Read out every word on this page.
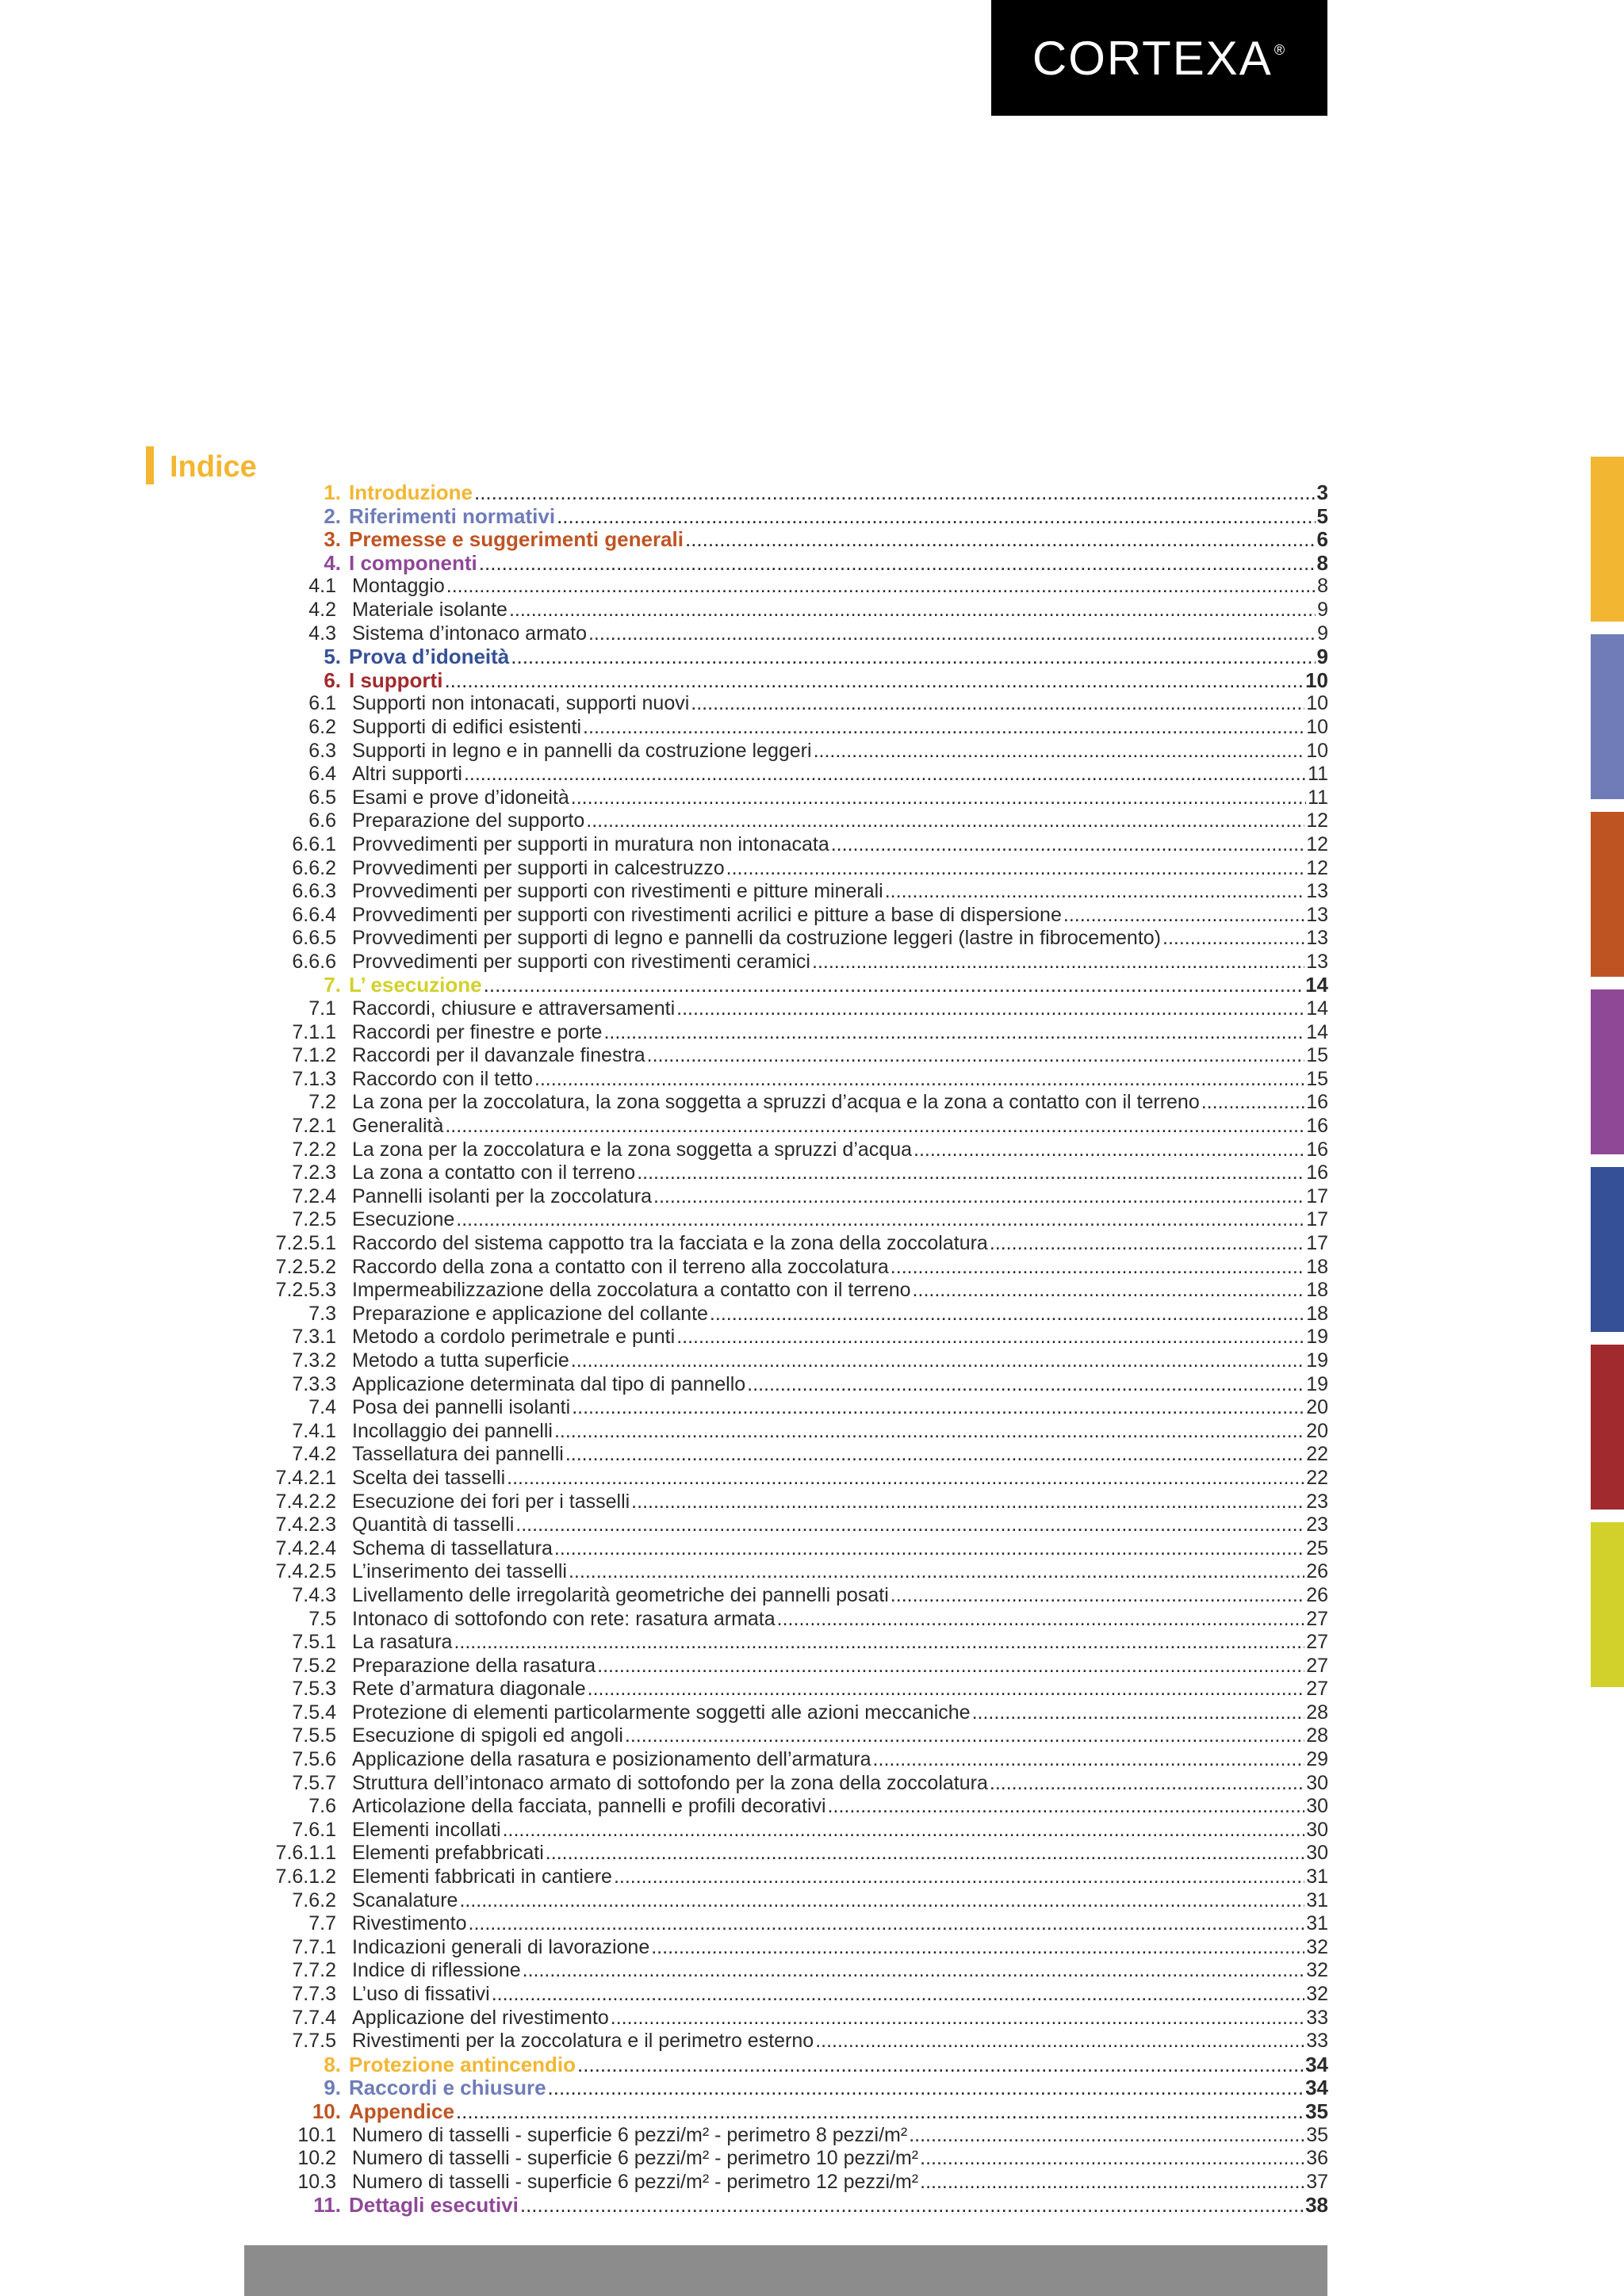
CORTEXA®
Indice
1. Introduzione .....	3
2. Riferimenti normativi .....	5
3. Premesse e suggerimenti generali .....	6
4. I componenti .....	8
4.1 Montaggio .....	8
4.2 Materiale isolante .....	9
4.3 Sistema d’intonaco armato .....	9
5. Prova d’idoneità .....	9
6. I supporti .....	10
6.1 Supporti non intonacati, supporti nuovi .....	10
6.2 Supporti di edifici esistenti .....	10
6.3 Supporti in legno e in pannelli da costruzione leggeri .....	10
6.4 Altri supporti .....	11
6.5 Esami e prove d’idoneità .....	11
6.6 Preparazione del supporto .....	12
6.6.1 Provvedimenti per supporti in muratura non intonacata .....	12
6.6.2 Provvedimenti per supporti in calcestruzzo .....	12
6.6.3 Provvedimenti per supporti con rivestimenti e pitture minerali .....	13
6.6.4 Provvedimenti per supporti con rivestimenti acrilici e pitture a base di dispersione .....	13
6.6.5 Provvedimenti per supporti di legno e pannelli da costruzione leggeri (lastre in fibrocemento) .....	13
6.6.6 Provvedimenti per supporti con rivestimenti ceramici .....	13
7. L’ esecuzione .....	14
7.1 Raccordi, chiusure e attraversamenti .....	14
7.1.1 Raccordi per finestre e porte .....	14
7.1.2 Raccordi per il davanzale finestra .....	15
7.1.3 Raccordo con il tetto .....	15
7.2 La zona per la zoccolatura, la zona soggetta a spruzzi d’acqua e la zona a contatto con il terreno .....	16
7.2.1 Generalità .....	16
7.2.2 La zona per la zoccolatura e la zona soggetta a spruzzi d’acqua .....	16
7.2.3 La zona a contatto con il terreno .....	16
7.2.4 Pannelli isolanti per la zoccolatura .....	17
7.2.5 Esecuzione .....	17
7.2.5.1 Raccordo del sistema cappotto tra la facciata e la zona della zoccolatura .....	17
7.2.5.2 Raccordo della zona a contatto con il terreno alla zoccolatura .....	18
7.2.5.3 Impermeabilizzazione della zoccolatura a contatto con il terreno .....	18
7.3 Preparazione e applicazione del collante .....	18
7.3.1 Metodo a cordolo perimetrale e punti .....	19
7.3.2 Metodo a tutta superficie .....	19
7.3.3 Applicazione determinata dal tipo di pannello .....	19
7.4 Posa dei pannelli isolanti .....	20
7.4.1 Incollaggio dei pannelli .....	20
7.4.2 Tassellatura dei pannelli .....	22
7.4.2.1 Scelta dei tasselli .....	22
7.4.2.2 Esecuzione dei fori per i tasselli .....	23
7.4.2.3 Quantità di tasselli .....	23
7.4.2.4 Schema di tassellatura .....	25
7.4.2.5 L’inserimento dei tasselli .....	26
7.4.3 Livellamento delle irregolarità geometriche dei pannelli posati .....	26
7.5 Intonaco di sottofondo con rete: rasatura armata .....	27
7.5.1 La rasatura .....	27
7.5.2 Preparazione della rasatura .....	27
7.5.3 Rete d’armatura diagonale .....	27
7.5.4 Protezione di elementi particolarmente soggetti alle azioni meccaniche .....	28
7.5.5 Esecuzione di spigoli ed angoli .....	28
7.5.6 Applicazione della rasatura e posizionamento dell’armatura .....	29
7.5.7 Struttura dell’intonaco armato di sottofondo per la zona della zoccolatura .....	30
7.6 Articolazione della facciata, pannelli e profili decorativi .....	30
7.6.1 Elementi incollati .....	30
7.6.1.1 Elementi prefabbricati .....	30
7.6.1.2 Elementi fabbricati in cantiere .....	31
7.6.2 Scanalature .....	31
7.7 Rivestimento .....	31
7.7.1 Indicazioni generali di lavorazione .....	32
7.7.2 Indice di riflessione .....	32
7.7.3 L’uso di fissativi .....	32
7.7.4 Applicazione del rivestimento .....	33
7.7.5 Rivestimenti per la zoccolatura e il perimetro esterno .....	33
8. Protezione antincendio .....	34
9. Raccordi e chiusure .....	34
10. Appendice .....	35
10.1 Numero di tasselli - superficie 6 pezzi/m² - perimetro 8 pezzi/m² .....	35
10.2 Numero di tasselli - superficie 6 pezzi/m² - perimetro 10 pezzi/m² .....	36
10.3 Numero di tasselli - superficie 6 pezzi/m² - perimetro 12 pezzi/m² .....	37
11. Dettagli esecutivi .....	38
